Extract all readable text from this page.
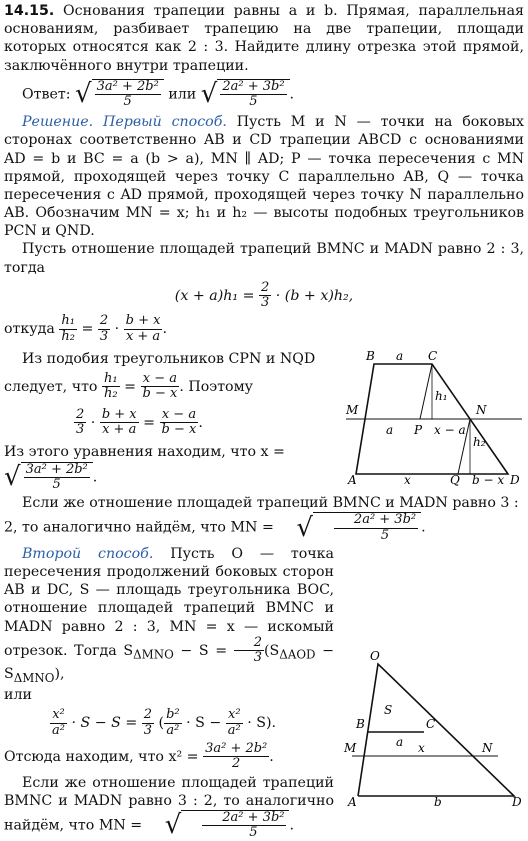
14.15. Основания трапеции равны a и b. Прямая, параллельная основаниям, разбивает трапецию на две трапеции, площади которых относятся как 2 : 3. Найдите длину отрезка этой прямой, заключённого внутри трапеции.

Ответ: √ $\frac{\text{3a² + 2b²}}{5}$ или √ $\frac{\text{2a² + 3b²}}{5}$ .

Решение. Первый способ. Пусть M и N — точки на боковых сторонах соответственно AB и CD трапеции ABCD с основаниями AD = b и BC = a (b > a), MN ∥ AD; P — точка пересечения с MN прямой, проходящей через точку C параллельно AB, Q — точка пересечения с AD прямой, проходящей через точку N параллельно AB. Обозначим MN = x; h₁ и h₂ — высоты подобных треугольников PCN и QND.

Пусть отношение площадей трапеций BMNC и MADN равно 2 : 3, тогда

$(x + a)h_1 = \frac{2}{3} \cdot (b + x)h_2$,
откуда $\frac{\text{h₁}}{\text{h₂}} = \frac{2}{3} \cdot \frac{b + x}{x + a}$ .

Из подобия треугольников CPN и NQD

следует, что $\frac{\text{h₁}}{\text{h₂}} = \frac{x - a}{b - x}$ . Поэтому

$\frac{2}{3} \cdot \frac{b + x}{x + a} = \frac{x - a}{b - x}$ .

Из этого уравнения находим, что x =
√ $\frac{\text{3a² + 2b²}}{5}$ .

Если же отношение площадей трапеций BMNC и MADN равно 3 : 2, то аналогично найдём, что MN = √ $\frac{\text{2a² + 3b²}}{5}$ .

Второй способ. Пусть O — точка пересечения продолжений боковых сторон AB и DC, S — площадь треугольника BOC, отношение площадей трапеций BMNC и MADN равно 2 : 3, MN = x — искомый отрезок. Тогда $S_{\Delta MNO} - S = \frac{2}{3} (S_{\Delta AOD} - S_{\Delta MNO})$,

или

$\frac{\text{x²}}{\text{a²}} \cdot S - S = \frac{2}{3}$ ( $\frac{\text{b²}}{\text{a²}} \cdot S - \frac{\text{x²}}{\text{a²}} \cdot S$).

Отсюда находим, что $x^2 = \frac{\text{3a² + 2b²}}{2}$ .

Если же отношение площадей трапеций BMNC и MADN равно 3 : 2, то аналогично найдём, что MN = √ $\frac{\text{2a² + 3b²}}{5}$ .

B a C
M
a P x − a
N
h₁
h₂
A	x	Q b − x D
O
S
B	C
a
M	x	N
A	b	D
